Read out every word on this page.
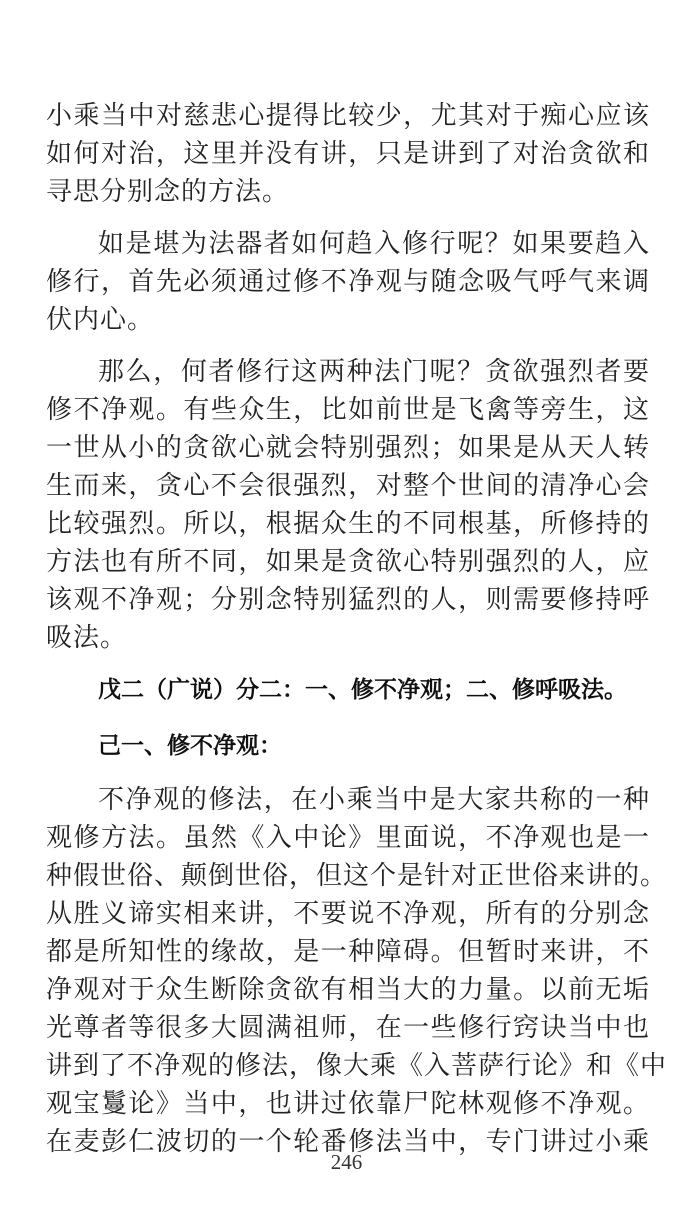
小乘当中对慈悲心提得比较少，尤其对于痴心应该
如何对治，这里并没有讲，只是讲到了对治贪欲和
寻思分别念的方法。
如是堪为法器者如何趋入修行呢？如果要趋入
修行，首先必须通过修不净观与随念吸气呼气来调
伏内心。
那么，何者修行这两种法门呢？贪欲强烈者要
修不净观。有些众生，比如前世是飞禽等旁生，这
一世从小的贪欲心就会特别强烈；如果是从天人转
生而来，贪心不会很强烈，对整个世间的清净心会
比较强烈。所以，根据众生的不同根基，所修持的
方法也有所不同，如果是贪欲心特别强烈的人，应
该观不净观；分别念特别猛烈的人，则需要修持呼
吸法。
戊二（广说）分二：一、修不净观；二、修呼吸法。
己一、修不净观：
不净观的修法，在小乘当中是大家共称的一种
观修方法。虽然《入中论》里面说，不净观也是一
种假世俗、颠倒世俗，但这个是针对正世俗来讲的。
从胜义谛实相来讲，不要说不净观，所有的分别念
都是所知性的缘故，是一种障碍。但暂时来讲，不
净观对于众生断除贪欲有相当大的力量。以前无垢
光尊者等很多大圆满祖师，在一些修行窍诀当中也
讲到了不净观的修法，像大乘《入菩萨行论》和《中
观宝鬘论》当中，也讲过依靠尸陀林观修不净观。
在麦彭仁波切的一个轮番修法当中，专门讲过小乘
246
